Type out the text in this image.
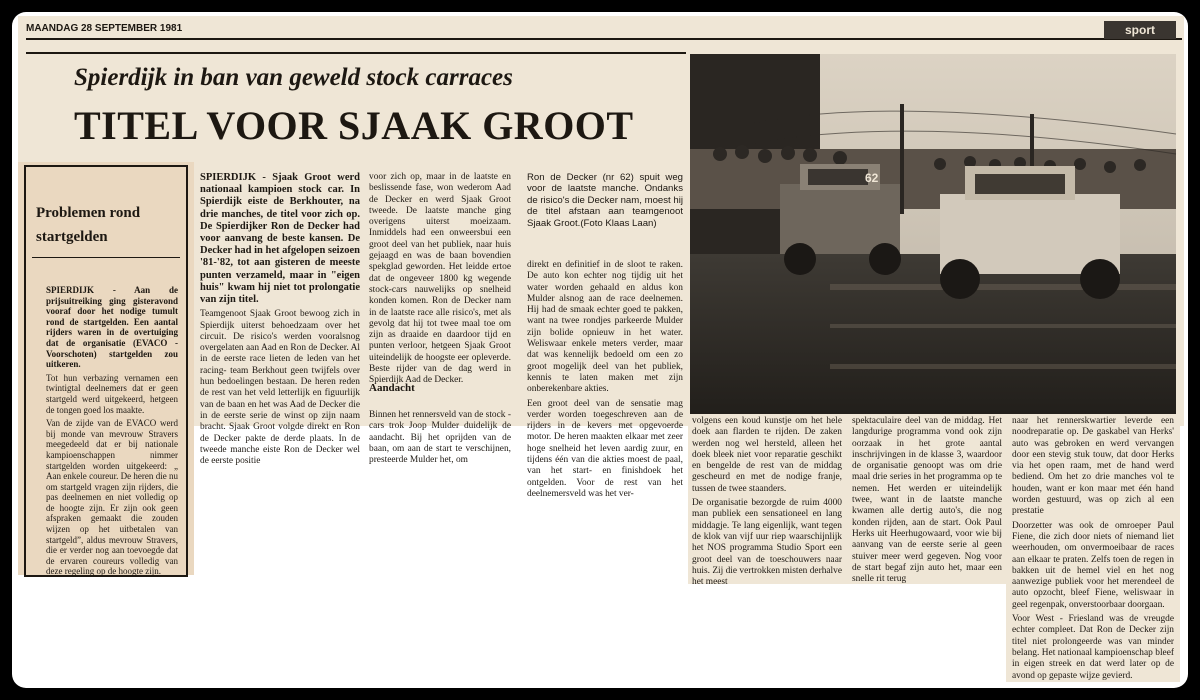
MAANDAG 28 SEPTEMBER 1981	sport
Spierdijk in ban van geweld stock carraces
TITEL VOOR SJAAK GROOT
Problemen rond startgelden

SPIERDIJK - Aan de prijsuitreiking ging gisteravond vooraf door het nodige tumult rond de startgelden. Een aantal rijders waren in de overtuiging dat de organisatie (EVACO - Voorschoten) startgelden zou uitkeren.

Tot hun verbazing vernamen een twintigtal deelnemers dat er geen startgeld werd uitgekeerd, hetgeen de tongen goed los maakte.

Van de zijde van de EVACO werd bij monde van mevrouw Stravers meegedeeld dat er bij nationale kampioenschappen nimmer startgelden worden uitgekeerd: „ Aan enkele coureur. De heren die nu om startgeld vragen zijn rijders, die pas deelnemen en niet volledig op de hoogte zijn. Er zijn ook geen afspraken gemaakt die zouden wijzen op het uitbetalen van startgeld”, aldus mevrouw Stravers, die er verder nog aan toevoegde dat de ervaren coureurs volledig van deze regeling op de hoogte zijn.

SPIERDIJK - Sjaak Groot werd nationaal kampioen stock car. In Spierdijk eiste de Berkhouter, na drie manches, de titel voor zich op. De Spierdijker Ron de Decker had voor aanvang de beste kansen. De Decker had in het afgelopen seizoen '81-'82, tot aan gisteren de meeste punten verzameld, maar in "eigen huis" kwam hij niet tot prolongatie van zijn titel.

Teamgenoot Sjaak Groot bewoog zich in Spierdijk uiterst behoedzaam over het circuit. De risico's werden vooralsnog overgelaten aan Aad en Ron de Decker. Al in de eerste race lieten de leden van het racing- team Berkhout geen twijfels over hun bedoelingen bestaan. De heren reden de rest van het veld letterlijk en figuurlijk van de baan en het was Aad de Decker die in de eerste serie de winst op zijn naam bracht. Sjaak Groot volgde direkt en Ron de Decker pakte de derde plaats. In de tweede manche eiste Ron de Decker wel de eerste positie

voor zich op, maar in de laatste en beslissende fase, won wederom Aad de Decker en werd Sjaak Groot tweede. De laatste manche ging overigens uiterst moeizaam. Inmiddels had een onweersbui een groot deel van het publiek, naar huis gejaagd en was de baan bovendien spekglad geworden. Het leidde ertoe dat de ongeveer 1800 kg wegende stock-cars nauwelijks op snelheid konden komen. Ron de Decker nam in de laatste race alle risico's, met als gevolg dat hij tot twee maal toe om zijn as draaide en daardoor tijd en punten verloor, hetgeen Sjaak Groot uiteindelijk de hoogste eer opleverde. Beste rijder van de dag werd in Spierdijk Aad de Decker.

Aandacht

Binnen het rennersveld van de stock - cars trok Joop Mulder duidelijk de aandacht. Bij het oprijden van de baan, om aan de start te verschijnen, presteerde Mulder het, om

Ron de Decker (nr 62) spuit weg voor de laatste manche. Ondanks de risico's die Decker nam, moest hij de titel afstaan aan teamgenoot Sjaak Groot.(Foto Klaas Laan)

direkt en definitief in de sloot te raken. De auto kon echter nog tijdig uit het water worden gehaald en aldus kon Mulder alsnog aan de race deelnemen. Hij had de smaak echter goed te pakken, want na twee rondjes parkeerde Mulder zijn bolide opnieuw in het water. Weliswaar enkele meters verder, maar dat was kennelijk bedoeld om een zo groot mogelijk deel van het publiek, kennis te laten maken met zijn onberekenbare akties.

Een groot deel van de sensatie mag verder worden toegeschreven aan de rijders in de kevers met opgevoerde motor. De heren maakten elkaar met zeer hoge snelheid het leven aardig zuur, en tijdens één van die akties moest de paal, van het start- en finishdoek het ontgelden. Voor de rest van het deelnemersveld was het ver-

62

volgens een koud kunstje om het hele doek aan flarden te rijden. De zaken werden nog wel hersteld, alleen het doek bleek niet voor reparatie geschikt en bengelde de rest van de middag gescheurd en met de nodige franje, tussen de twee staanders.

De organisatie bezorgde de ruim 4000 man publiek een sensationeel en lang middagje. Te lang eigenlijk, want tegen de klok van vijf uur riep waarschijnlijk het NOS programma Studio Sport een groot deel van de toeschouwers naar huis. Zij die vertrokken misten derhalve het meest

spektaculaire deel van de middag. Het langdurige programma vond ook zijn oorzaak in het grote aantal inschrijvingen in de klasse 3, waardoor de organisatie genoopt was om drie maal drie series in het programma op te nemen. Het werden er uiteindelijk twee, want in de laatste manche kwamen alle dertig auto's, die nog konden rijden, aan de start. Ook Paul Herks uit Heerhugowaard, voor wie bij aanvang van de eerste serie al geen stuiver meer werd gegeven. Nog voor de start begaf zijn auto het, maar een snelle rit terug

naar het rennerskwartier leverde een noodreparatie op. De gaskabel van Herks' auto was gebroken en werd vervangen door een stevig stuk touw, dat door Herks via het open raam, met de hand werd bediend. Om het zo drie manches vol te houden, want er kon maar met één hand worden gestuurd, was op zich al een prestatie

Doorzetter was ook de omroeper Paul Fiene, die zich door niets of niemand liet weerhouden, om onvermoeibaar de races aan elkaar te praten. Zelfs toen de regen in bakken uit de hemel viel en het nog aanwezige publiek voor het merendeel de auto opzocht, bleef Fiene, weliswaar in geel regenpak, onverstoorbaar doorgaan.

Voor West - Friesland was de vreugde echter compleet. Dat Ron de Decker zijn titel niet prolongeerde was van minder belang. Het nationaal kampioenschap bleef in eigen streek en dat werd later op de avond op gepaste wijze gevierd.
